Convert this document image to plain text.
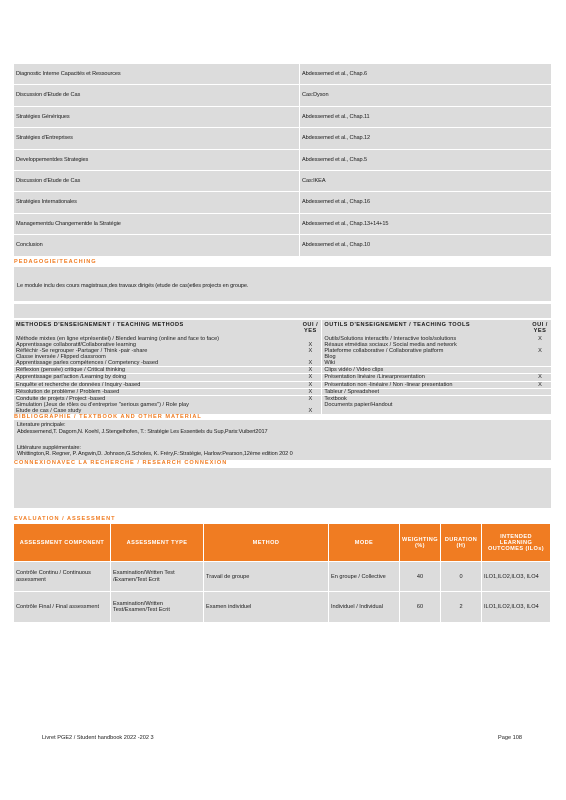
Diagnostic Interne Capacités et Ressources	Abdessemed et al., Chap.6
Discussion d'Etude de Cas	Cas:Dyson
Stratégies Génériques	Abdessemed et al., Chap.11
Stratégies d'Entreprises	Abdessemed et al., Chap.12
Developpementdes Strategies	Abdessemed et al., Chap.5
Discussion d'Etude de Cas	Cas:IKEA
Stratégies Internationales	Abdessemed et al., Chap.16
Managementdu Changementde la Stratégie	Abdessemed et al., Chap.13+14+15
Conclusion	Abdessemed et al., Chap.10
PEDAGOGIE/TEACHING
Le module inclu des cours magistraux,des travaux dirigés (etude de cas)etles projects en groupe.
METHODES D'ENSEIGNEMENT / TEACHING METHODS	OUI / YES	OUTILS D'ENSEIGNEMENT / TEACHING TOOLS	OUI / YES
Méthode mixtes (en ligne etprésentiel) / Blended learning (online and face to face)		Outils/Solutions interactifs / Interactive tools/solutions	X
Apprentissage collaboratif/Collaborative learning	X	Résaux etmédias sociaux / Social media and network	
Réfléchir -Se regrouper -Partager / Think -pair -share	X	Plateforme collaborative / Collaborative platform	X
Classe inversée / Flipped classroom		Blog	
Apprentissage parles compétences / Competency -based	X	Wiki	
Réflexion (pensée) critique / Critical thinking	X	Clips vidéo / Video clips	
Apprentissage parl'action /Learning by doing	X	Présentation linéaire /Linearpresentation	X
Enquête et recherche de données / Inquiry -based	X	Présentation non -linéaire / Non -linear presentation	X
Résolution de problème / Problem -based	X	Tableur / Spreadsheet	
Conduite de projets / Project -based	X	Textbook	
Simulation (Jeux de rôles ou d'entreprise "serious games") / Role play		Documents papier/Handout	
Etude de cas / Case study	X		
BIBLIOGRAPHIE / TEXTBOOK AND OTHER MATERIAL
Literature principale:
Abdessemend,T. Dagorn,N. Koehl, J.Stengelhofen, T.: Stratégie Les Essentiels du Sup,Paris:Vuibert2017
Littérature supplémentaire:
Whittington,R. Regner, P. Angwin,D. Johnson,G.Scholes, K. Fréry,F.:Stratégie, Harlow:Pearson,12ème edition 202 0
CONNEXIONAVEC LA RECHERCHE / RESEARCH CONNEXION
EVALUATION / ASSESSMENT
ASSESSMENT COMPONENT	ASSESSMENT TYPE	METHOD	MODE	WEIGHTING (%)	DURATION (H)	INTENDED LEARNING OUTCOMES (ILOs)
Contrôle Continu / Continuous assessment	Examination/Written Test /Examen/Test Ecrit	Travail de groupe	En groupe / Collective	40	0	ILO1,ILO2,ILO3, ILO4
Contrôle Final / Final assessment	Examination/Written Test/Examen/Test Ecrit	Examen individuel	Individuel / Individual	60	2	ILO1,ILO2,ILO3, ILO4
Livret PGE2 / Student handbook 2022 -202 3	Page 108
